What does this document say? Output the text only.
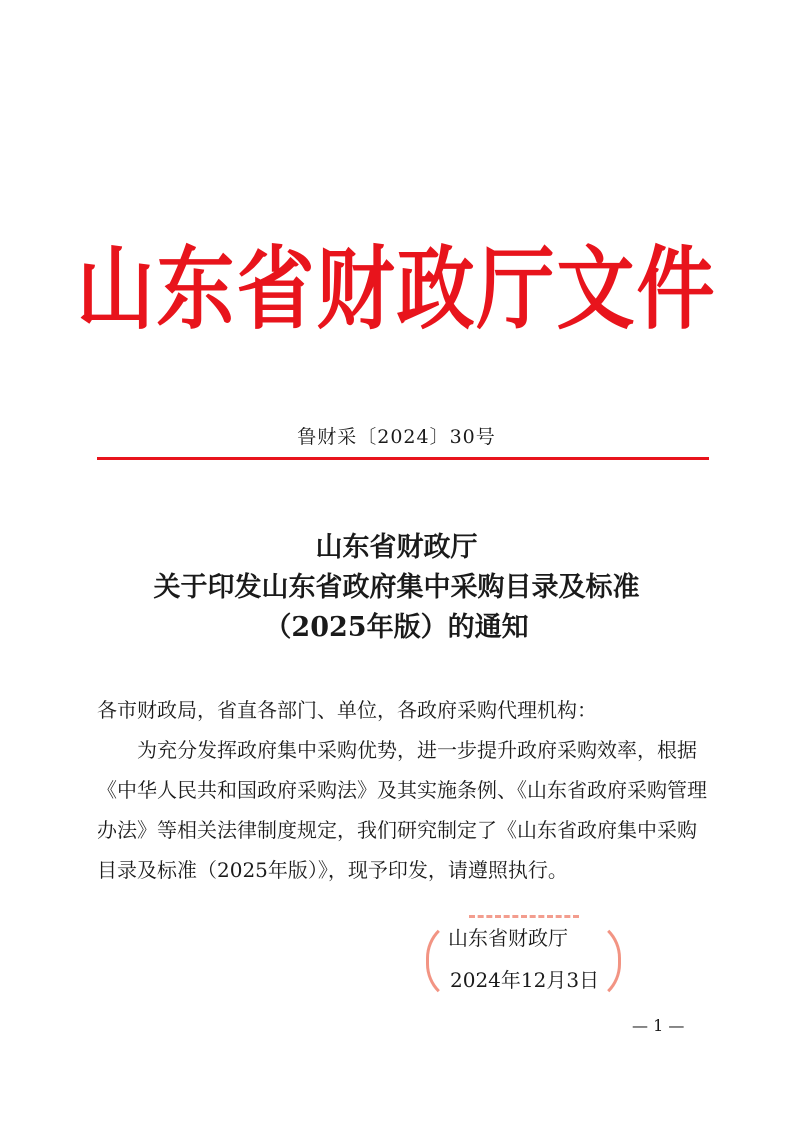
山东省财政厅文件
鲁财采〔2024〕30号
山东省财政厅
关于印发山东省政府集中采购目录及标准
（2025年版）的通知

各市财政局，省直各部门、单位，各政府采购代理机构：

为充分发挥政府集中采购优势，进一步提升政府采购效率，根据《中华人民共和国政府采购法》及其实施条例、《山东省政府采购管理办法》等相关法律制度规定，我们研究制定了《山东省政府集中采购目录及标准（2025年版）》，现予印发，请遵照执行。

山东省财政厅
2024年12月3日
— 1 —
